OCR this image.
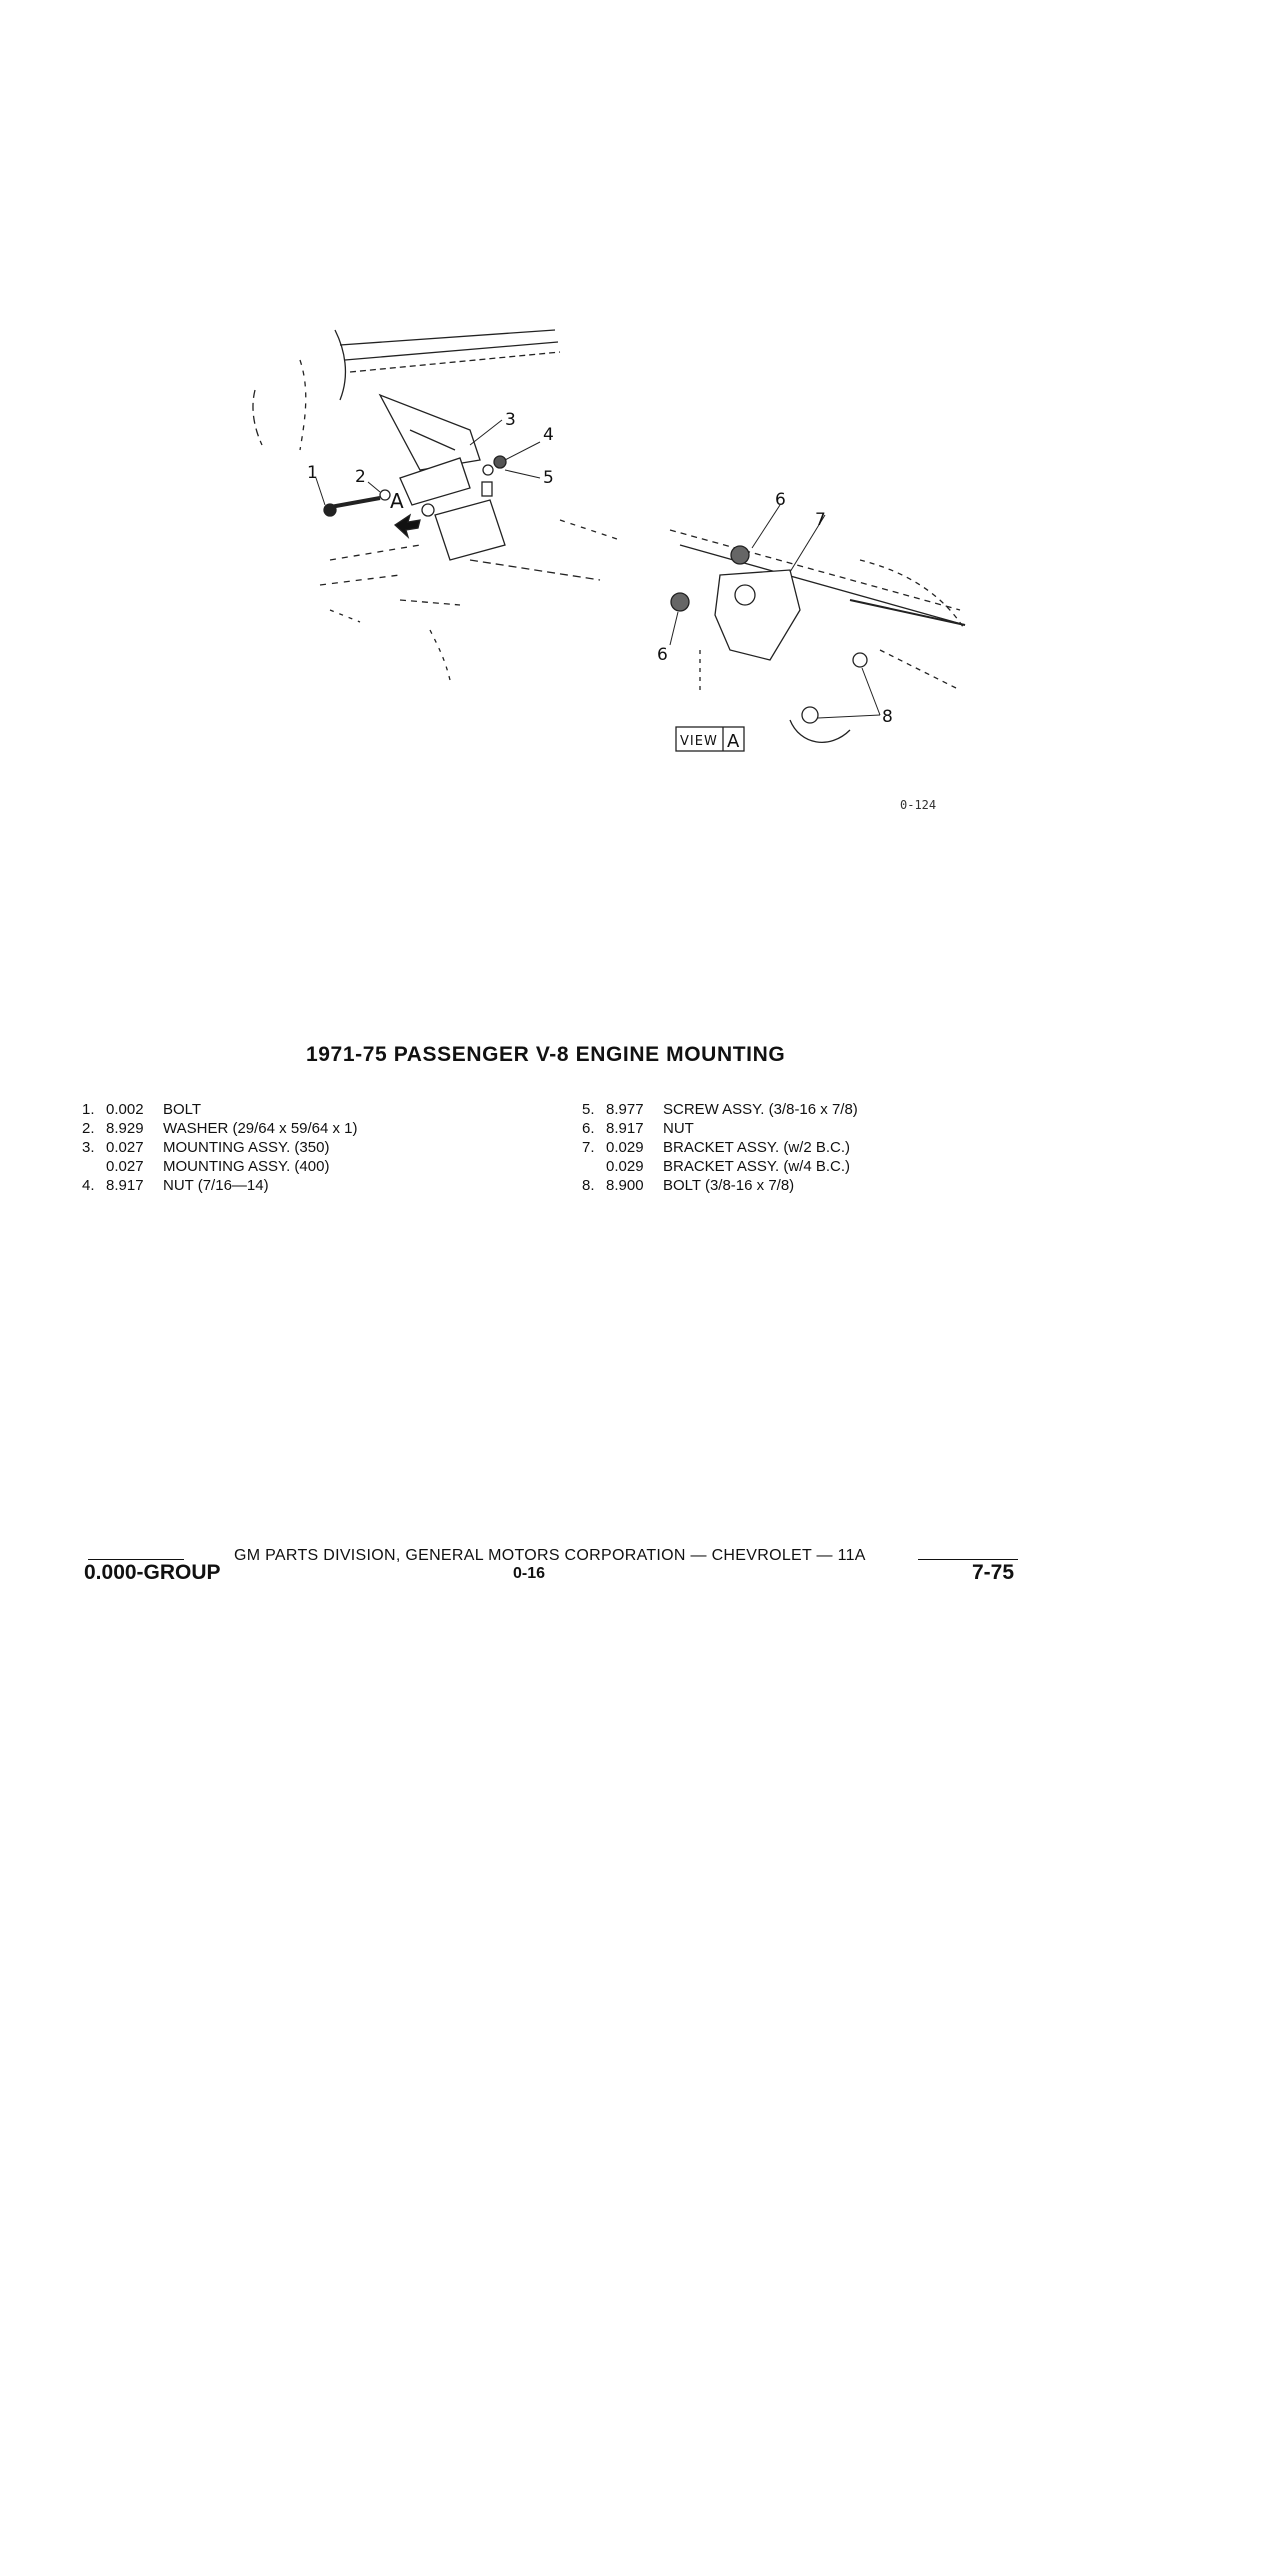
1 2
3
4
5
A	6
7
6
8
VIEW A
0-124
1971-75 PASSENGER V-8 ENGINE MOUNTING
1. 0.002	BOLT
2. 8.929	WASHER (29/64 x 59/64 x 1)
3. 0.027	MOUNTING ASSY. (350)
0.027	MOUNTING ASSY. (400)
4. 8.917	NUT (7/16—14)
5. 8.977	SCREW ASSY. (3/8-16 x 7/8)
6. 8.917	NUT
7. 0.029	BRACKET ASSY. (w/2 B.C.)
0.029	BRACKET ASSY. (w/4 B.C.)
8. 8.900	BOLT (3/8-16 x 7/8)
GM PARTS DIVISION, GENERAL MOTORS CORPORATION — CHEVROLET — 11A
0.000-GROUP	0-16	7-75
